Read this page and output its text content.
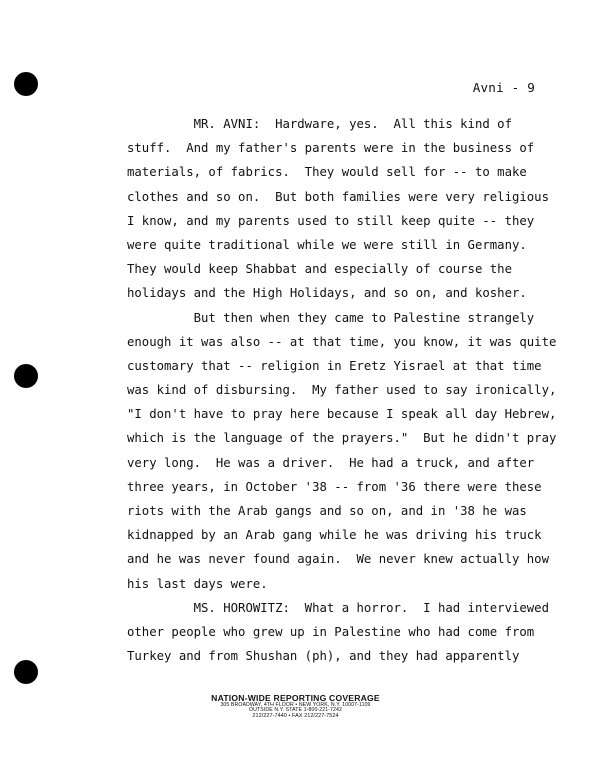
Avni - 9
MR. AVNI:  Hardware, yes.  All this kind of
stuff.  And my father's parents were in the business of
materials, of fabrics.  They would sell for -- to make
clothes and so on.  But both families were very religious
I know, and my parents used to still keep quite -- they
were quite traditional while we were still in Germany.
They would keep Shabbat and especially of course the
holidays and the High Holidays, and so on, and kosher.
But then when they came to Palestine strangely
enough it was also -- at that time, you know, it was quite
customary that -- religion in Eretz Yisrael at that time
was kind of disbursing.  My father used to say ironically,
"I don't have to pray here because I speak all day Hebrew,
which is the language of the prayers."  But he didn't pray
very long.  He was a driver.  He had a truck, and after
three years, in October '38 -- from '36 there were these
riots with the Arab gangs and so on, and in '38 he was
kidnapped by an Arab gang while he was driving his truck
and he was never found again.  We never knew actually how
his last days were.
MS. HOROWITZ:  What a horror.  I had interviewed
other people who grew up in Palestine who had come from
Turkey and from Shushan (ph), and they had apparently
NATION-WIDE REPORTING COVERAGE
305 BROADWAY, 4TH FLOOR • NEW YORK, N.Y. 10007-1109
OUTSIDE N.Y. STATE 1-800-221-7242
212/227-7440 • FAX 212/227-7524
